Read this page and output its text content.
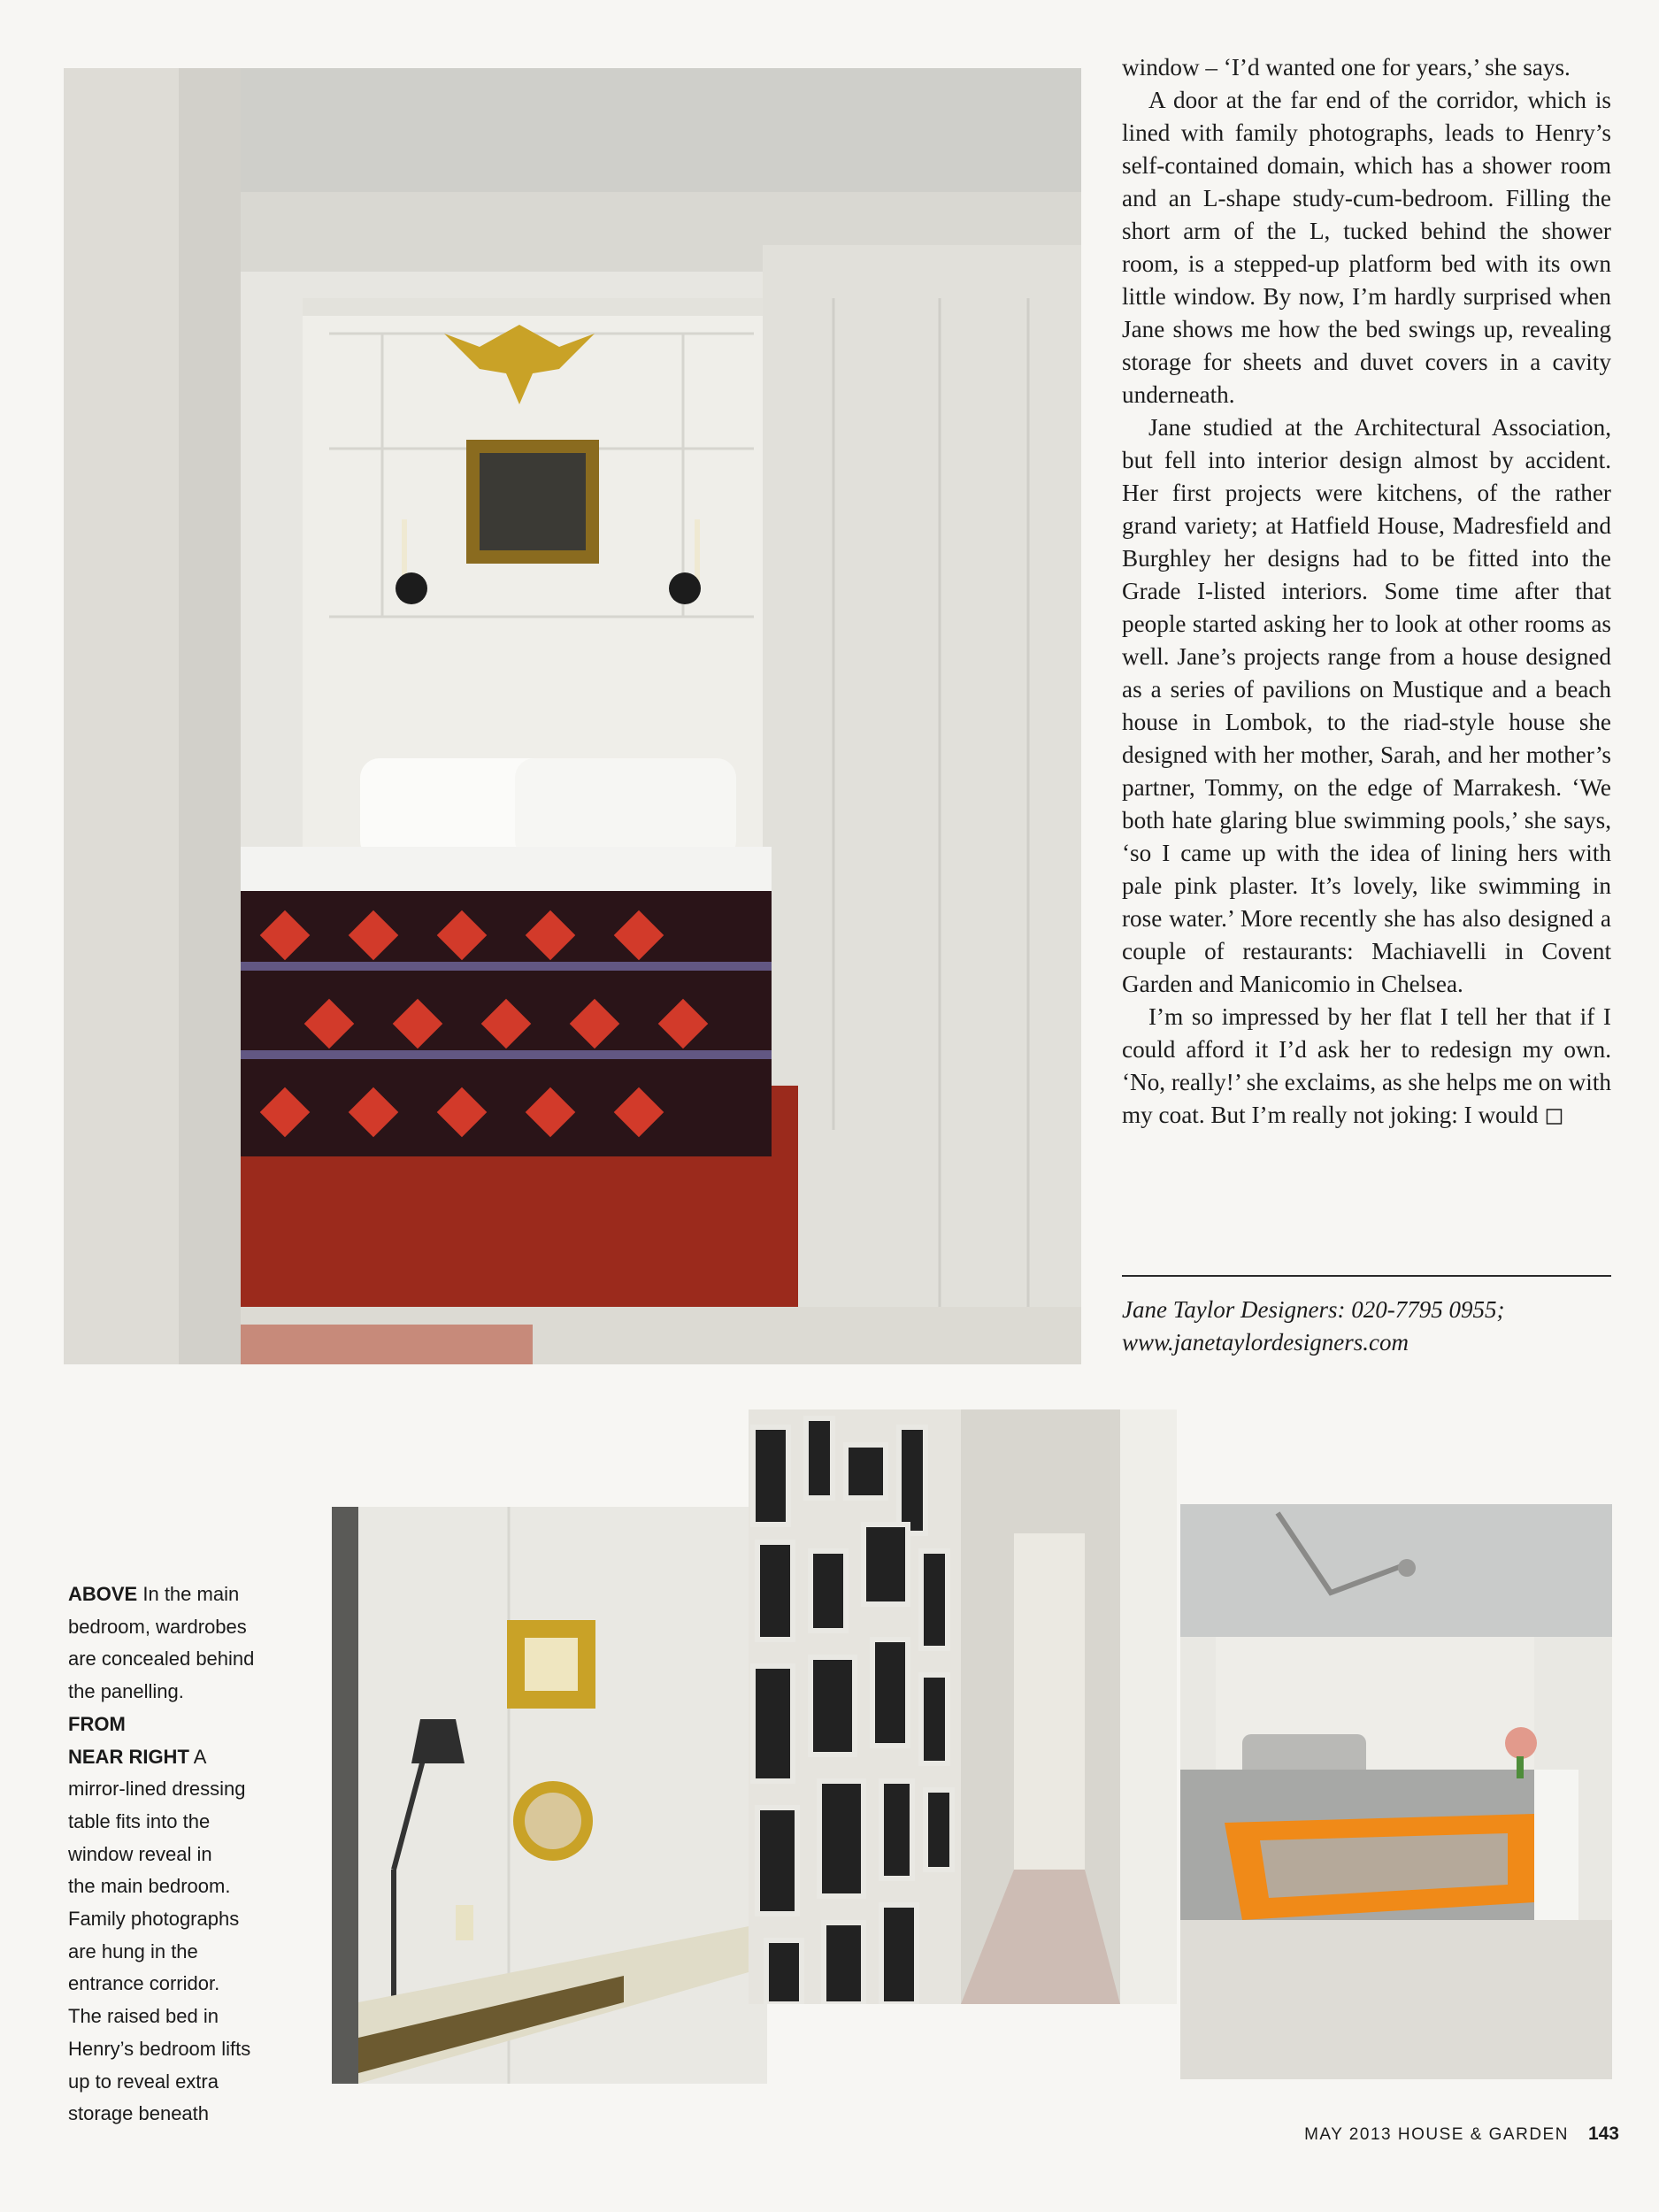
window – ‘I’d wanted one for years,’ she says.

A door at the far end of the corridor, which is lined with family photographs, leads to Henry’s self-contained domain, which has a shower room and an L-shape study-cum-bedroom. Filling the short arm of the L, tucked behind the shower room, is a stepped-up platform bed with its own little window. By now, I’m hardly surprised when Jane shows me how the bed swings up, revealing storage for sheets and duvet covers in a cavity underneath.

Jane studied at the Architectural Association, but fell into interior design almost by accident. Her first projects were kitchens, of the rather grand variety; at Hatfield House, Madresfield and Burghley her designs had to be fitted into the Grade I-listed interiors. Some time after that people started asking her to look at other rooms as well. Jane’s projects range from a house designed as a series of pavilions on Mustique and a beach house in Lombok, to the riad-style house she designed with her mother, Sarah, and her mother’s partner, Tommy, on the edge of Marrakesh. ‘We both hate glaring blue swimming pools,’ she says, ‘so I came up with the idea of lining hers with pale pink plaster. It’s lovely, like swimming in rose water.’ More recently she has also designed a couple of restaurants: Machiavelli in Covent Garden and Manicomio in Chelsea.

I’m so impressed by her flat I tell her that if I could afford it I’d ask her to redesign my own. ‘No, really!’ she exclaims, as she helps me on with my coat. But I’m really not joking: I would ◻

Jane Taylor Designers: 020-7795 0955;
www.janetaylordesigners.com
ABOVE In the main
bedroom, wardrobes
are concealed behind
the panelling.
FROM
NEAR RIGHT A
mirror-lined dressing
table fits into the
window reveal in
the main bedroom.
Family photographs
are hung in the
entrance corridor.
The raised bed in
Henry’s bedroom lifts
up to reveal extra
storage beneath
MAY 2013 HOUSE & GARDEN 143
